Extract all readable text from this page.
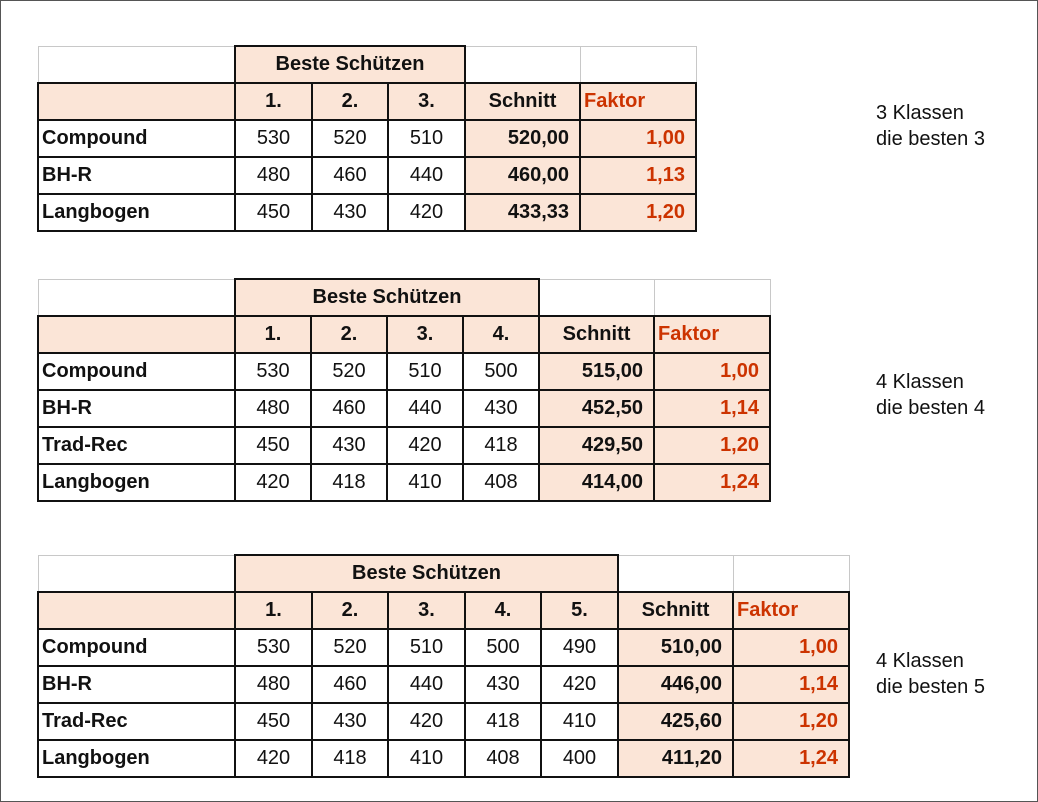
	Beste Schützen				
	1.	2.	3.	Schnitt	Faktor
Compound	530	520	510	520,00	1,00
BH-R	480	460	440	460,00	1,13
Langbogen	450	430	420	433,33	1,20
3 Klassen
die besten 3
	Beste Schützen					
	1.	2.	3.	4.	Schnitt	Faktor
Compound	530	520	510	500	515,00	1,00
BH-R	480	460	440	430	452,50	1,14
Trad-Rec	450	430	420	418	429,50	1,20
Langbogen	420	418	410	408	414,00	1,24
4 Klassen
die besten 4
	Beste Schützen						
	1.	2.	3.	4.	5.	Schnitt	Faktor
Compound	530	520	510	500	490	510,00	1,00
BH-R	480	460	440	430	420	446,00	1,14
Trad-Rec	450	430	420	418	410	425,60	1,20
Langbogen	420	418	410	408	400	411,20	1,24
4 Klassen
die besten 5
